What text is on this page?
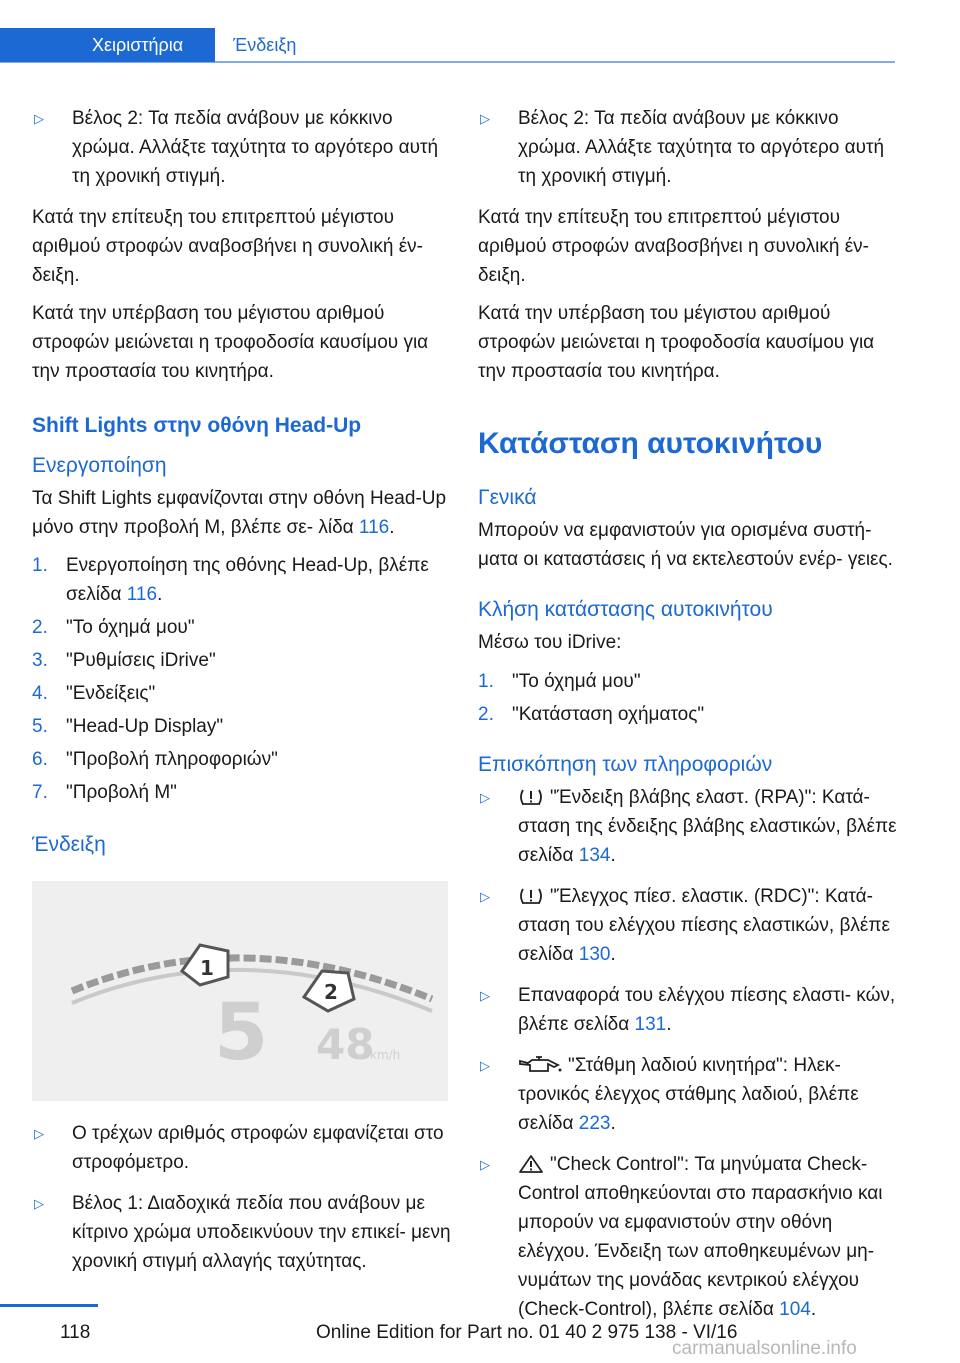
Χειριστήρια	Ένδειξη
▷	Βέλος 2: Τα πεδία ανάβουν με κόκκινο χρώμα. Αλλάξτε ταχύτητα το αργότερο αυτή τη χρονική στιγμή.

Κατά την επίτευξη του επιτρεπτού μέγιστου αριθμού στροφών αναβοσβήνει η συνολική έν- δειξη.

Κατά την υπέρβαση του μέγιστου αριθμού στροφών μειώνεται η τροφοδοσία καυσίμου για την προστασία του κινητήρα.

Shift Lights στην οθόνη Head-Up
Ενεργοποίηση

Τα Shift Lights εμφανίζονται στην οθόνη Head-Up μόνο στην προβολή M, βλέπε σε- λίδα 116.

1. Ενεργοποίηση της οθόνης Head-Up, βλέπε σελίδα 116.
2. "Το όχημά μου"
3. "Ρυθμίσεις iDrive"
4. "Ενδείξεις"
5. "Head-Up Display"
6. "Προβολή πληροφοριών"
7. "Προβολή M"
Ένδειξη
1
2
5 48
km/h
▷	Ο τρέχων αριθμός στροφών εμφανίζεται στο στροφόμετρο.
▷	Βέλος 1: Διαδοχικά πεδία που ανάβουν με κίτρινο χρώμα υποδεικνύουν την επικεί- μενη χρονική στιγμή αλλαγής ταχύτητας.
▷	Βέλος 2: Τα πεδία ανάβουν με κόκκινο χρώμα. Αλλάξτε ταχύτητα το αργότερο αυτή τη χρονική στιγμή.

Κατά την επίτευξη του επιτρεπτού μέγιστου αριθμού στροφών αναβοσβήνει η συνολική έν- δειξη.

Κατά την υπέρβαση του μέγιστου αριθμού στροφών μειώνεται η τροφοδοσία καυσίμου για την προστασία του κινητήρα.

Κατάσταση αυτοκινήτου
Γενικά

Μπορούν να εμφανιστούν για ορισμένα συστή- ματα οι καταστάσεις ή να εκτελεστούν ενέρ- γειες.

Κλήση κατάστασης αυτοκινήτου

Μέσω του iDrive:

1. "Το όχημά μου"
2. "Κατάσταση οχήματος"
Επισκόπηση των πληροφοριών
▷	"Ένδειξη βλάβης ελαστ. (RPA)": Κατά- σταση της ένδειξης βλάβης ελαστικών, βλέπε σελίδα 134.
▷	"Έλεγχος πίεσ. ελαστικ. (RDC)": Κατά- σταση του ελέγχου πίεσης ελαστικών, βλέπε σελίδα 130.
▷	Επαναφορά του ελέγχου πίεσης ελαστι- κών, βλέπε σελίδα 131.
▷	"Στάθμη λαδιού κινητήρα": Ηλεκ- τρονικός έλεγχος στάθμης λαδιού, βλέπε σελίδα 223.
▷	"Check Control": Τα μηνύματα Check- Control αποθηκεύονται στο παρασκήνιο και μπορούν να εμφανιστούν στην οθόνη ελέγχου. Ένδειξη των αποθηκευμένων μη- νυμάτων της μονάδας κεντρικού ελέγχου (Check-Control), βλέπε σελίδα 104.
118	Online Edition for Part no. 01 40 2 975 138 - VI/16
carmanualsonline.info
